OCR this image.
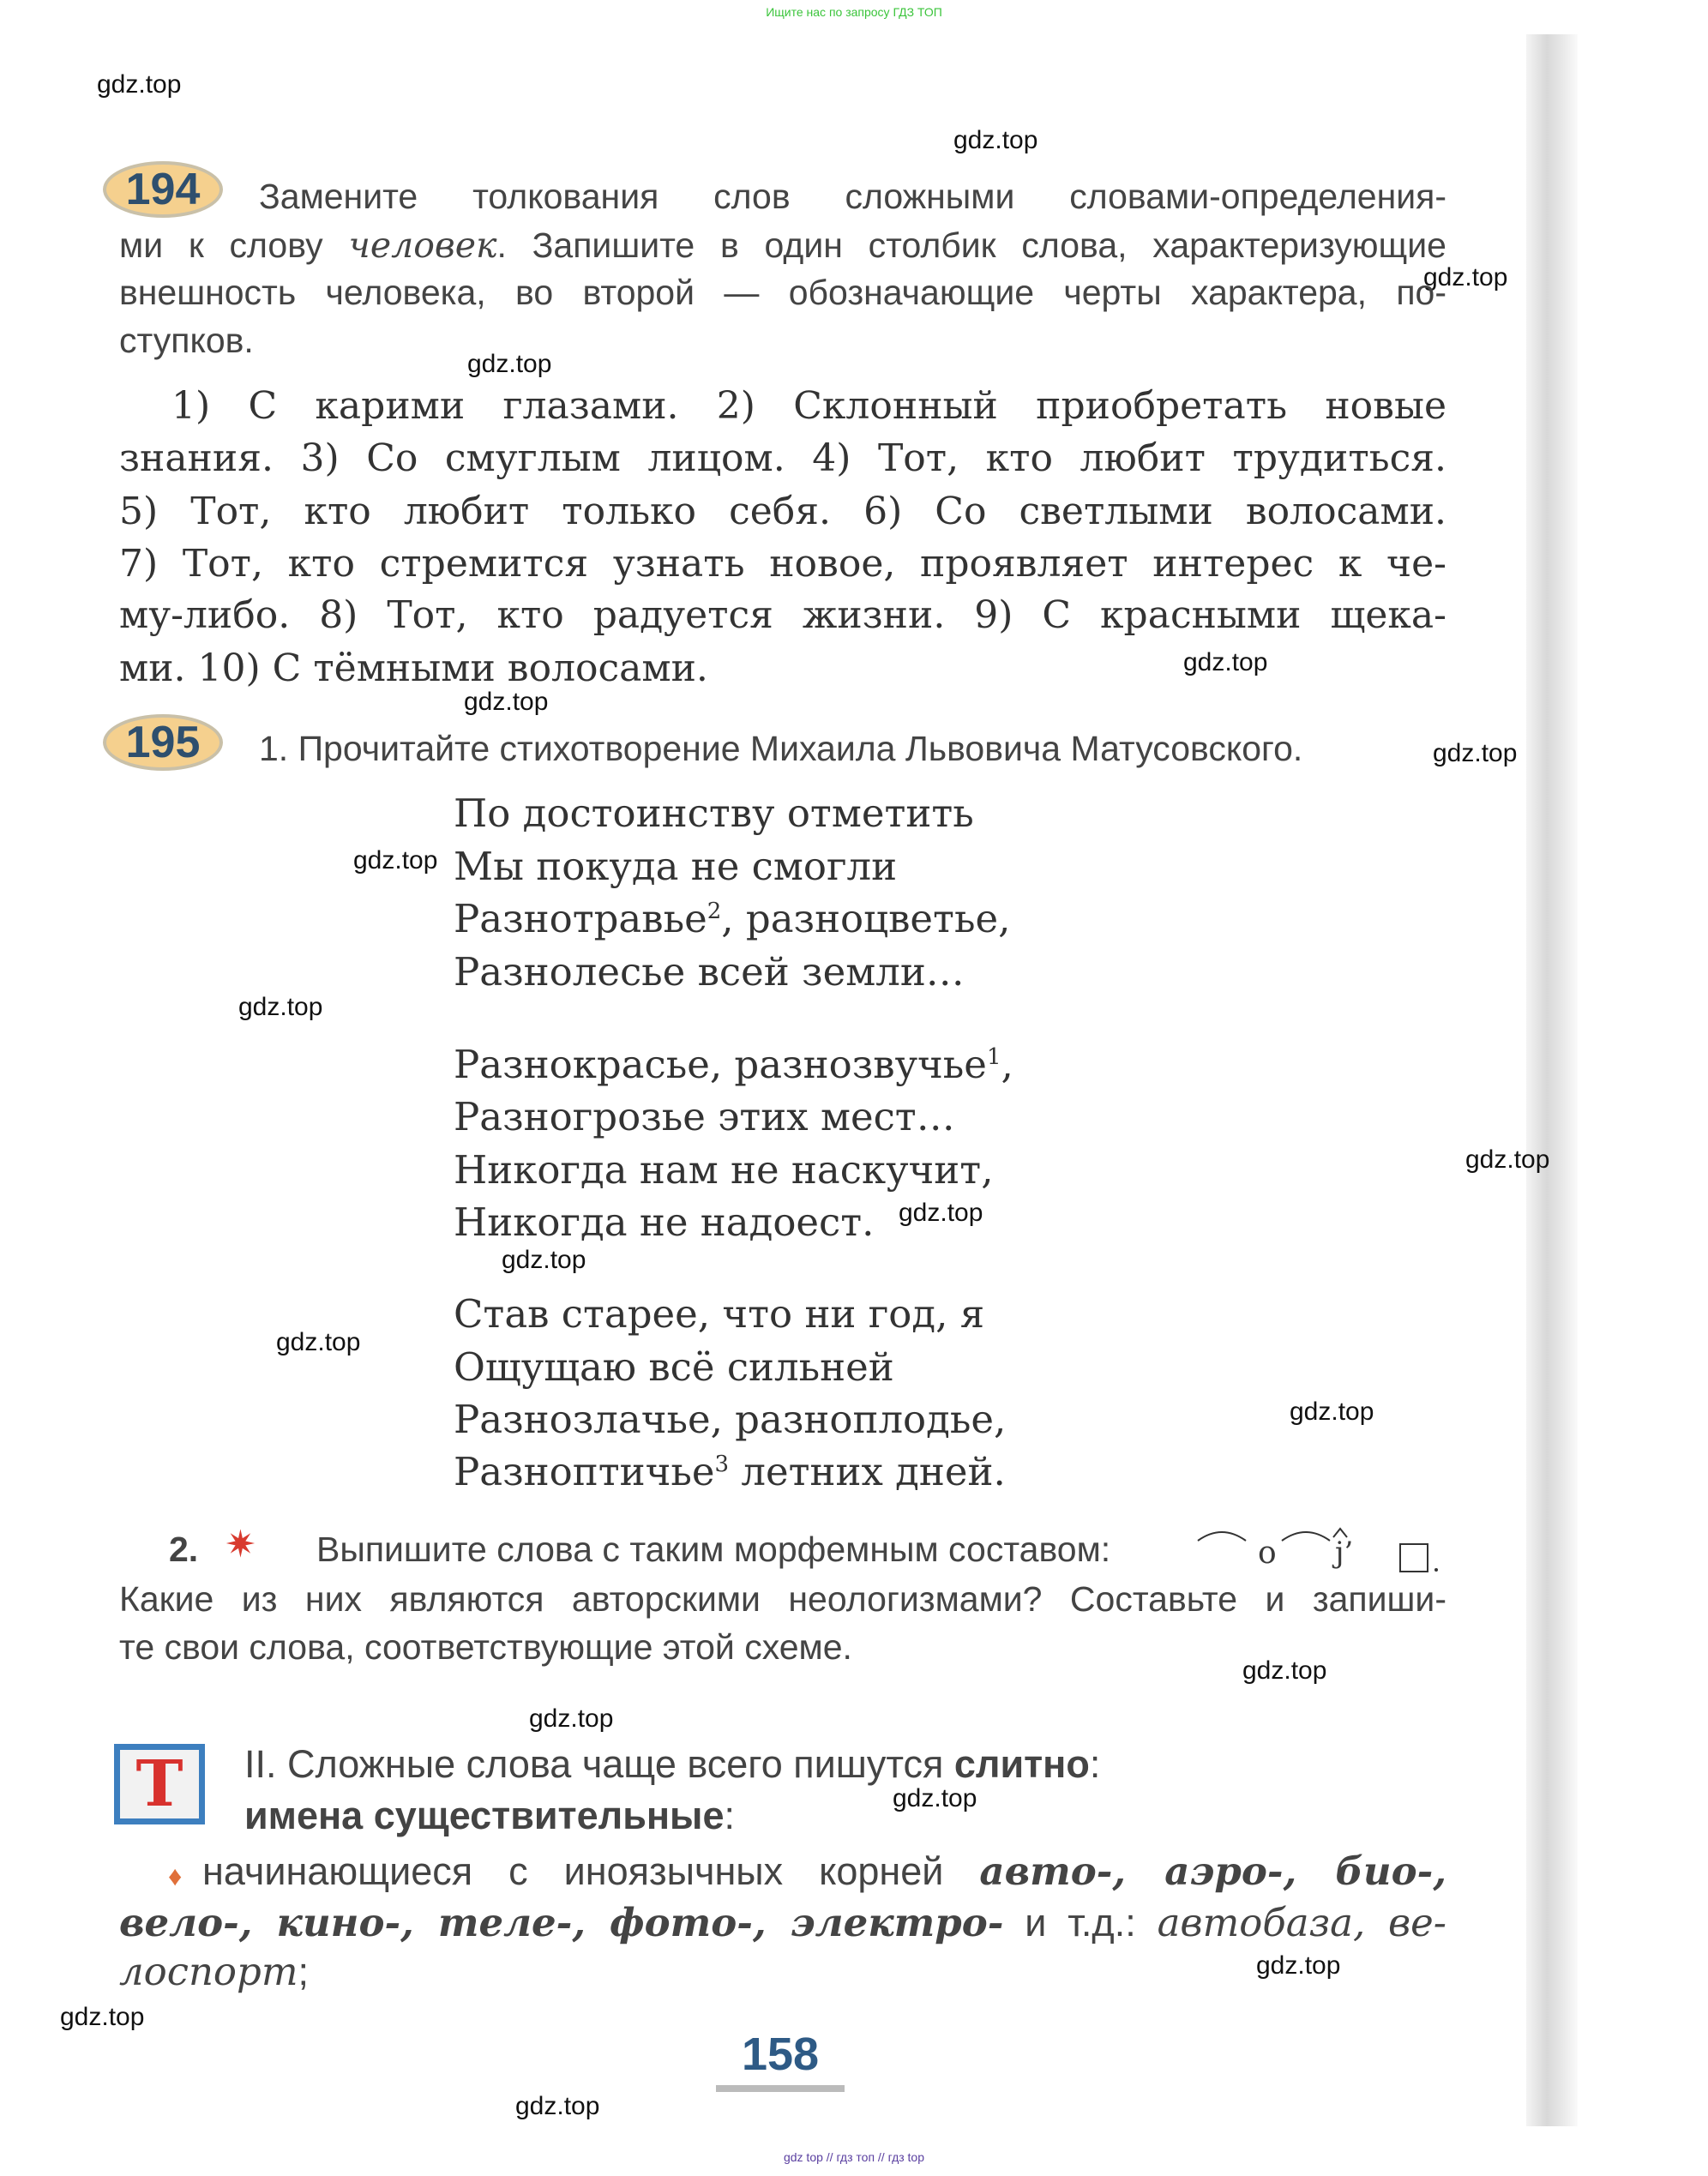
Ищите нас по запросу ГДЗ ТОП
gdz.top
gdz.top
gdz.top
gdz.top
gdz.top
gdz.top
gdz.top
gdz.top
gdz.top
gdz.top
gdz.top
gdz.top
gdz.top
gdz.top
gdz.top
gdz.top
gdz.top
gdz.top
gdz.top
gdz.top
194	Замените толкования слов сложными словами-определения-
ми к слову человек. Запишите в один столбик слова, характеризующие
внешность человека, во второй — обозначающие черты характера, по-
ступков.
1) С карими глазами. 2) Склонный приобретать новые
знания. 3) Со смуглым лицом. 4) Тот, кто любит трудиться.
5) Тот, кто любит только себя. 6) Со светлыми волосами.
7) Тот, кто стремится узнать новое, проявляет интерес к че-
му-либо. 8) Тот, кто радуется жизни. 9) С красными щека-
ми. 10) С тёмными волосами.
195	1. Прочитайте стихотворение Михаила Львовича Матусовского.
По достоинству отметить
Мы покуда не смогли
Разнотравье$^2$, разноцветье,
Разнолесье всей земли…
Разнокрасье, разнозвучье$^1$,
Разногрозье этих мест…
Никогда нам не наскучит,
Никогда не надоест.
Став старее, что ни год, я
Ощущаю всё сильней
Разнозлачье, разноплодье,
Разноптичье$^3$ летних дней.
2. ✷ Выпишите слова с таким морфемным составом:	o j’
Какие из них являются авторскими неологизмами? Составьте и запиши-
те свои слова, соответствующие этой схеме.
Т	II. Сложные слова чаще всего пишутся слитно:
имена существительные:
♦ начинающиеся с иноязычных корней авто-, аэро-, био-,
вело-, кино-, теле-, фото-, электро- и т.д.: автобаза, ве-
лоспорт;
158
gdz top // гдз топ // гдз top
